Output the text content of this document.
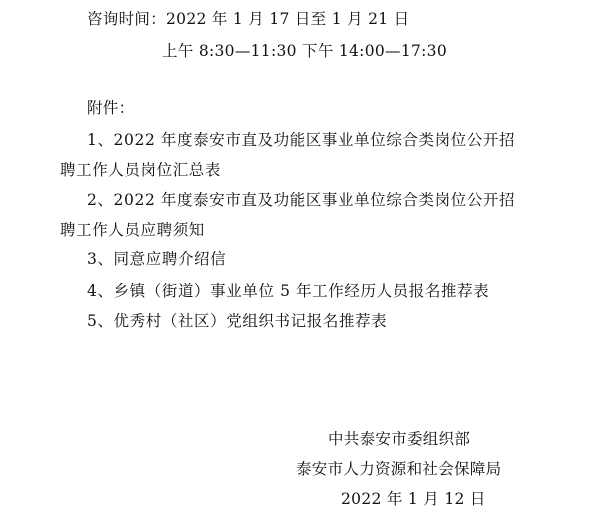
咨询时间：2022 年 1 月 17 日至 1 月 21 日
上午 8:30—11:30 下午 14:00—17:30
附件：
1、2022 年度泰安市直及功能区事业单位综合类岗位公开招
聘工作人员岗位汇总表
2、2022 年度泰安市直及功能区事业单位综合类岗位公开招
聘工作人员应聘须知
3、同意应聘介绍信
4、乡镇（街道）事业单位 5 年工作经历人员报名推荐表
5、优秀村（社区）党组织书记报名推荐表
中共泰安市委组织部
泰安市人力资源和社会保障局
2022 年 1 月 12 日
